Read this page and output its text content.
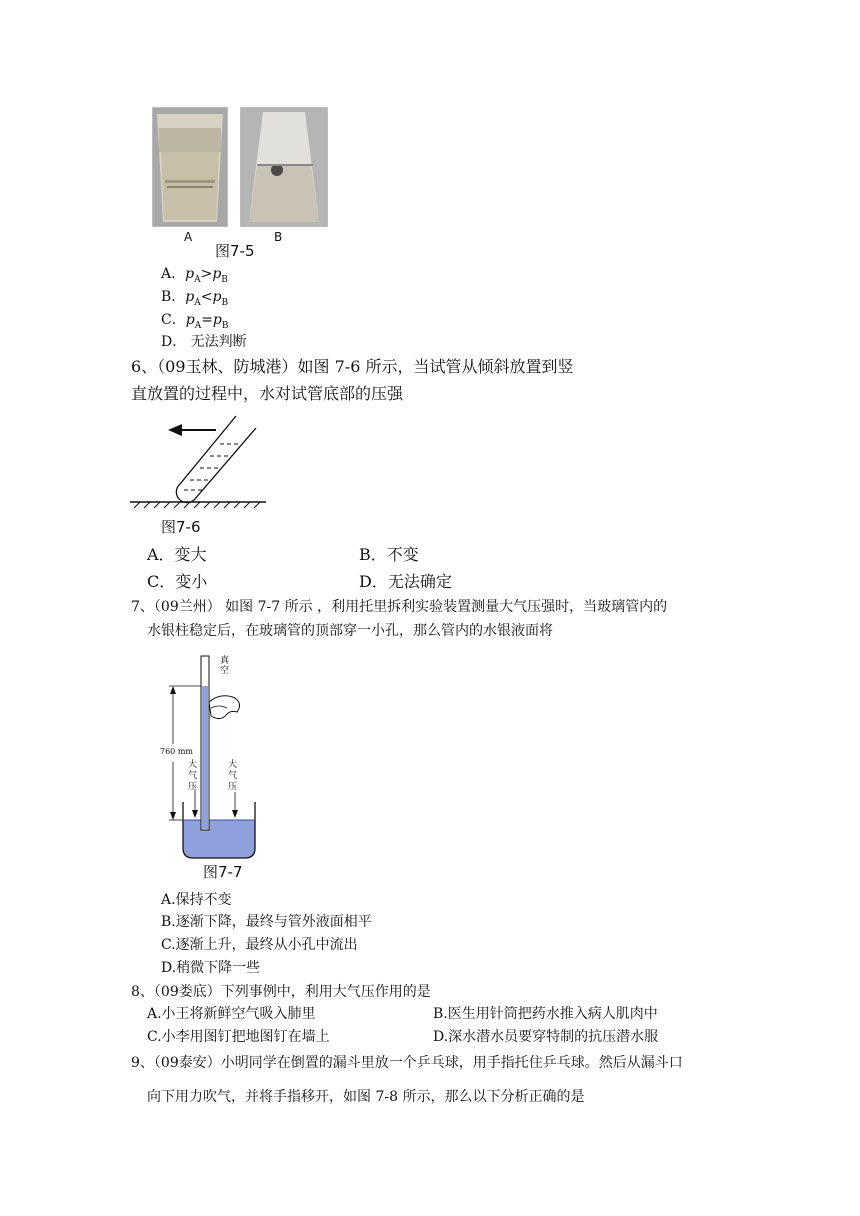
A	B
图7-5
A．$p_A>p_B$
B．$p_A<p_B$
C．$p_A=p_B$
D． 无法判断
6、（09玉林、防城港）如图 7-6 所示，当试管从倾斜放置到竖
直放置的过程中，水对试管底部的压强
图7-6
A．变大	B．不变
C．变小	D．无法确定
7、（09兰州） 如图 7-7 所示 ，利用托里拆利实验装置测量大气压强时，当玻璃管内的
水银柱稳定后，在玻璃管的顶部穿一小孔，那么管内的水银液面将
真空
760 mm
大气压
大气压
图7-7
A.保持不变
B.逐渐下降，最终与管外液面相平
C.逐渐上升，最终从小孔中流出
D.稍微下降一些
8、（09娄底）下列事例中，利用大气压作用的是
A.小王将新鲜空气吸入肺里	B.医生用针筒把药水推入病人肌肉中
C.小李用图钉把地图钉在墙上	D.深水潜水员要穿特制的抗压潜水服
9、（09泰安）小明同学在倒置的漏斗里放一个乒乓球，用手指托住乒乓球。然后从漏斗口
向下用力吹气，并将手指移开，如图 7-8 所示，那么以下分析正确的是
